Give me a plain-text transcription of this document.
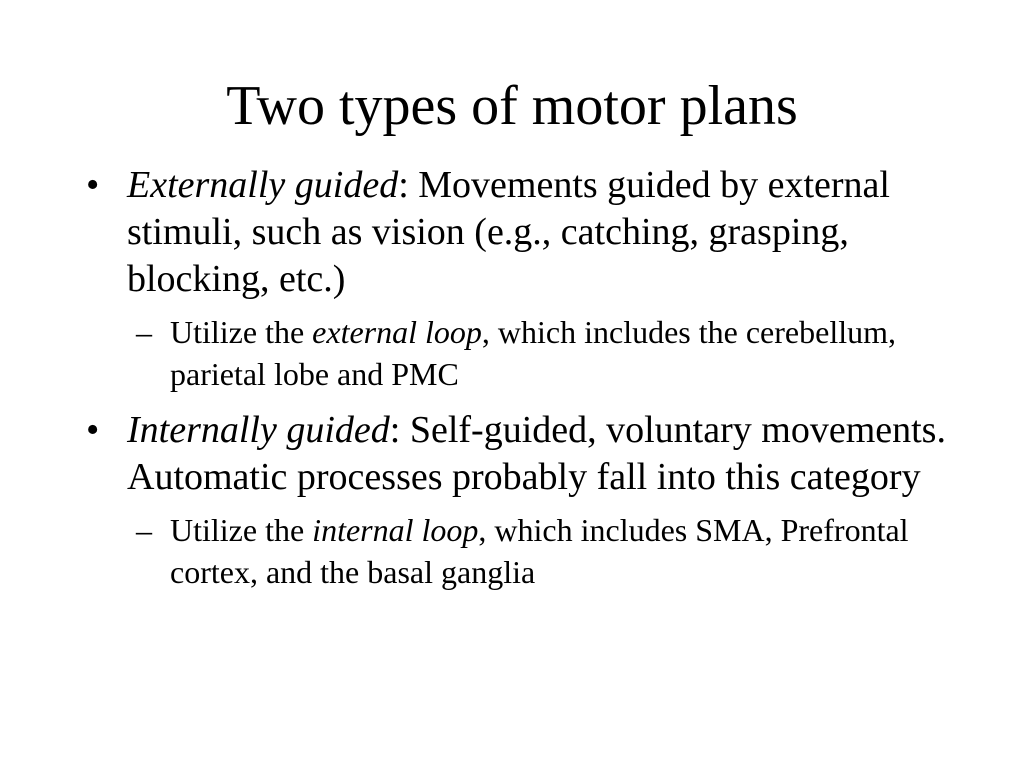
Two types of motor plans

• Externally guided: Movements guided by external stimuli, such as vision (e.g., catching, grasping, blocking, etc.)

– Utilize the external loop, which includes the cerebellum, parietal lobe and PMC

• Internally guided: Self-guided, voluntary movements. Automatic processes probably fall into this category

– Utilize the internal loop, which includes SMA, Prefrontal cortex, and the basal ganglia
